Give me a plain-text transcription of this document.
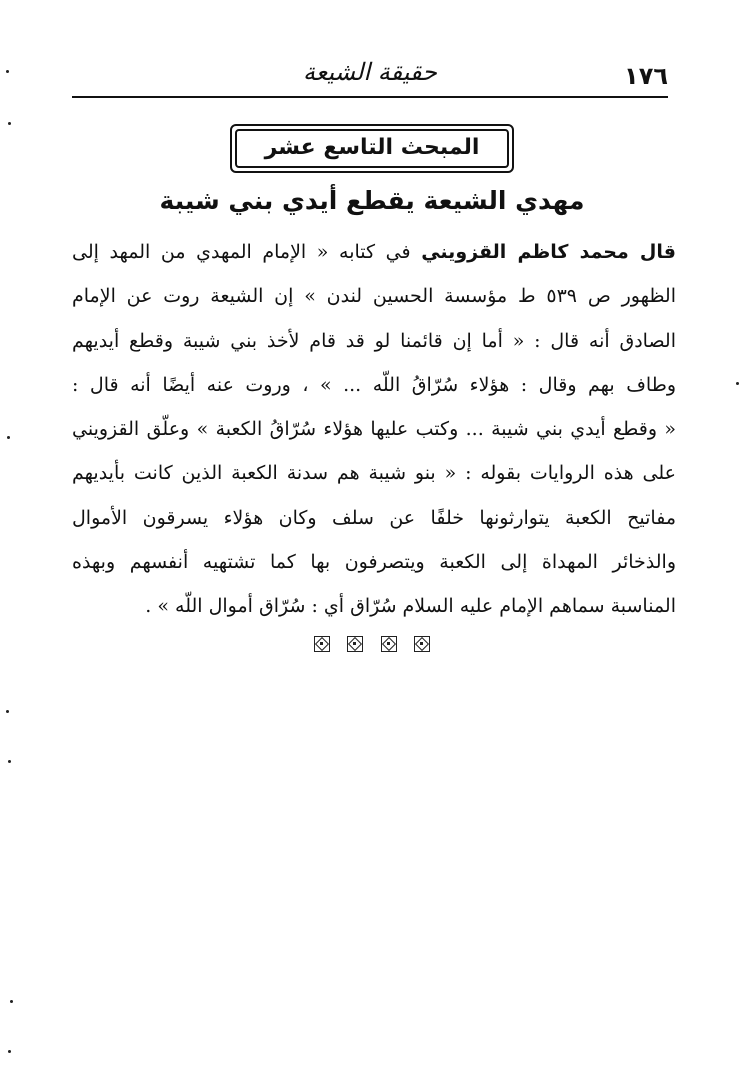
حقيقة الشيعة	١٧٦
المبحث التاسع عشر
مهدي الشيعة يقطع أيدي بني شيبة
قال محمد كاظم القزويني في كتابه « الإمام المهدي من المهد إلى
الظهور ص ٥٣٩ ط مؤسسة الحسين لندن » إن الشيعة روت عن الإمام
الصادق أنه قال : « أما إن قائمنا لو قد قام لأخذ بني شيبة وقطع أيديهم
وطاف بهم وقال : هؤلاء سُرّاقُ اللّه ... » ، وروت عنه أيضًا أنه قال :
« وقطع أيدي بني شيبة ... وكتب عليها هؤلاء سُرّاقُ الكعبة » وعلّق القزويني
على هذه الروايات بقوله : « بنو شيبة هم سدنة الكعبة الذين كانت بأيديهم
مفاتيح الكعبة يتوارثونها خلفًا عن سلف وكان هؤلاء يسرقون الأموال
والذخائر المهداة إلى الكعبة ويتصرفون بها كما تشتهيه أنفسهم وبهذه
المناسبة سماهم الإمام عليه السلام سُرّاق أي : سُرّاق أموال اللّه » .
